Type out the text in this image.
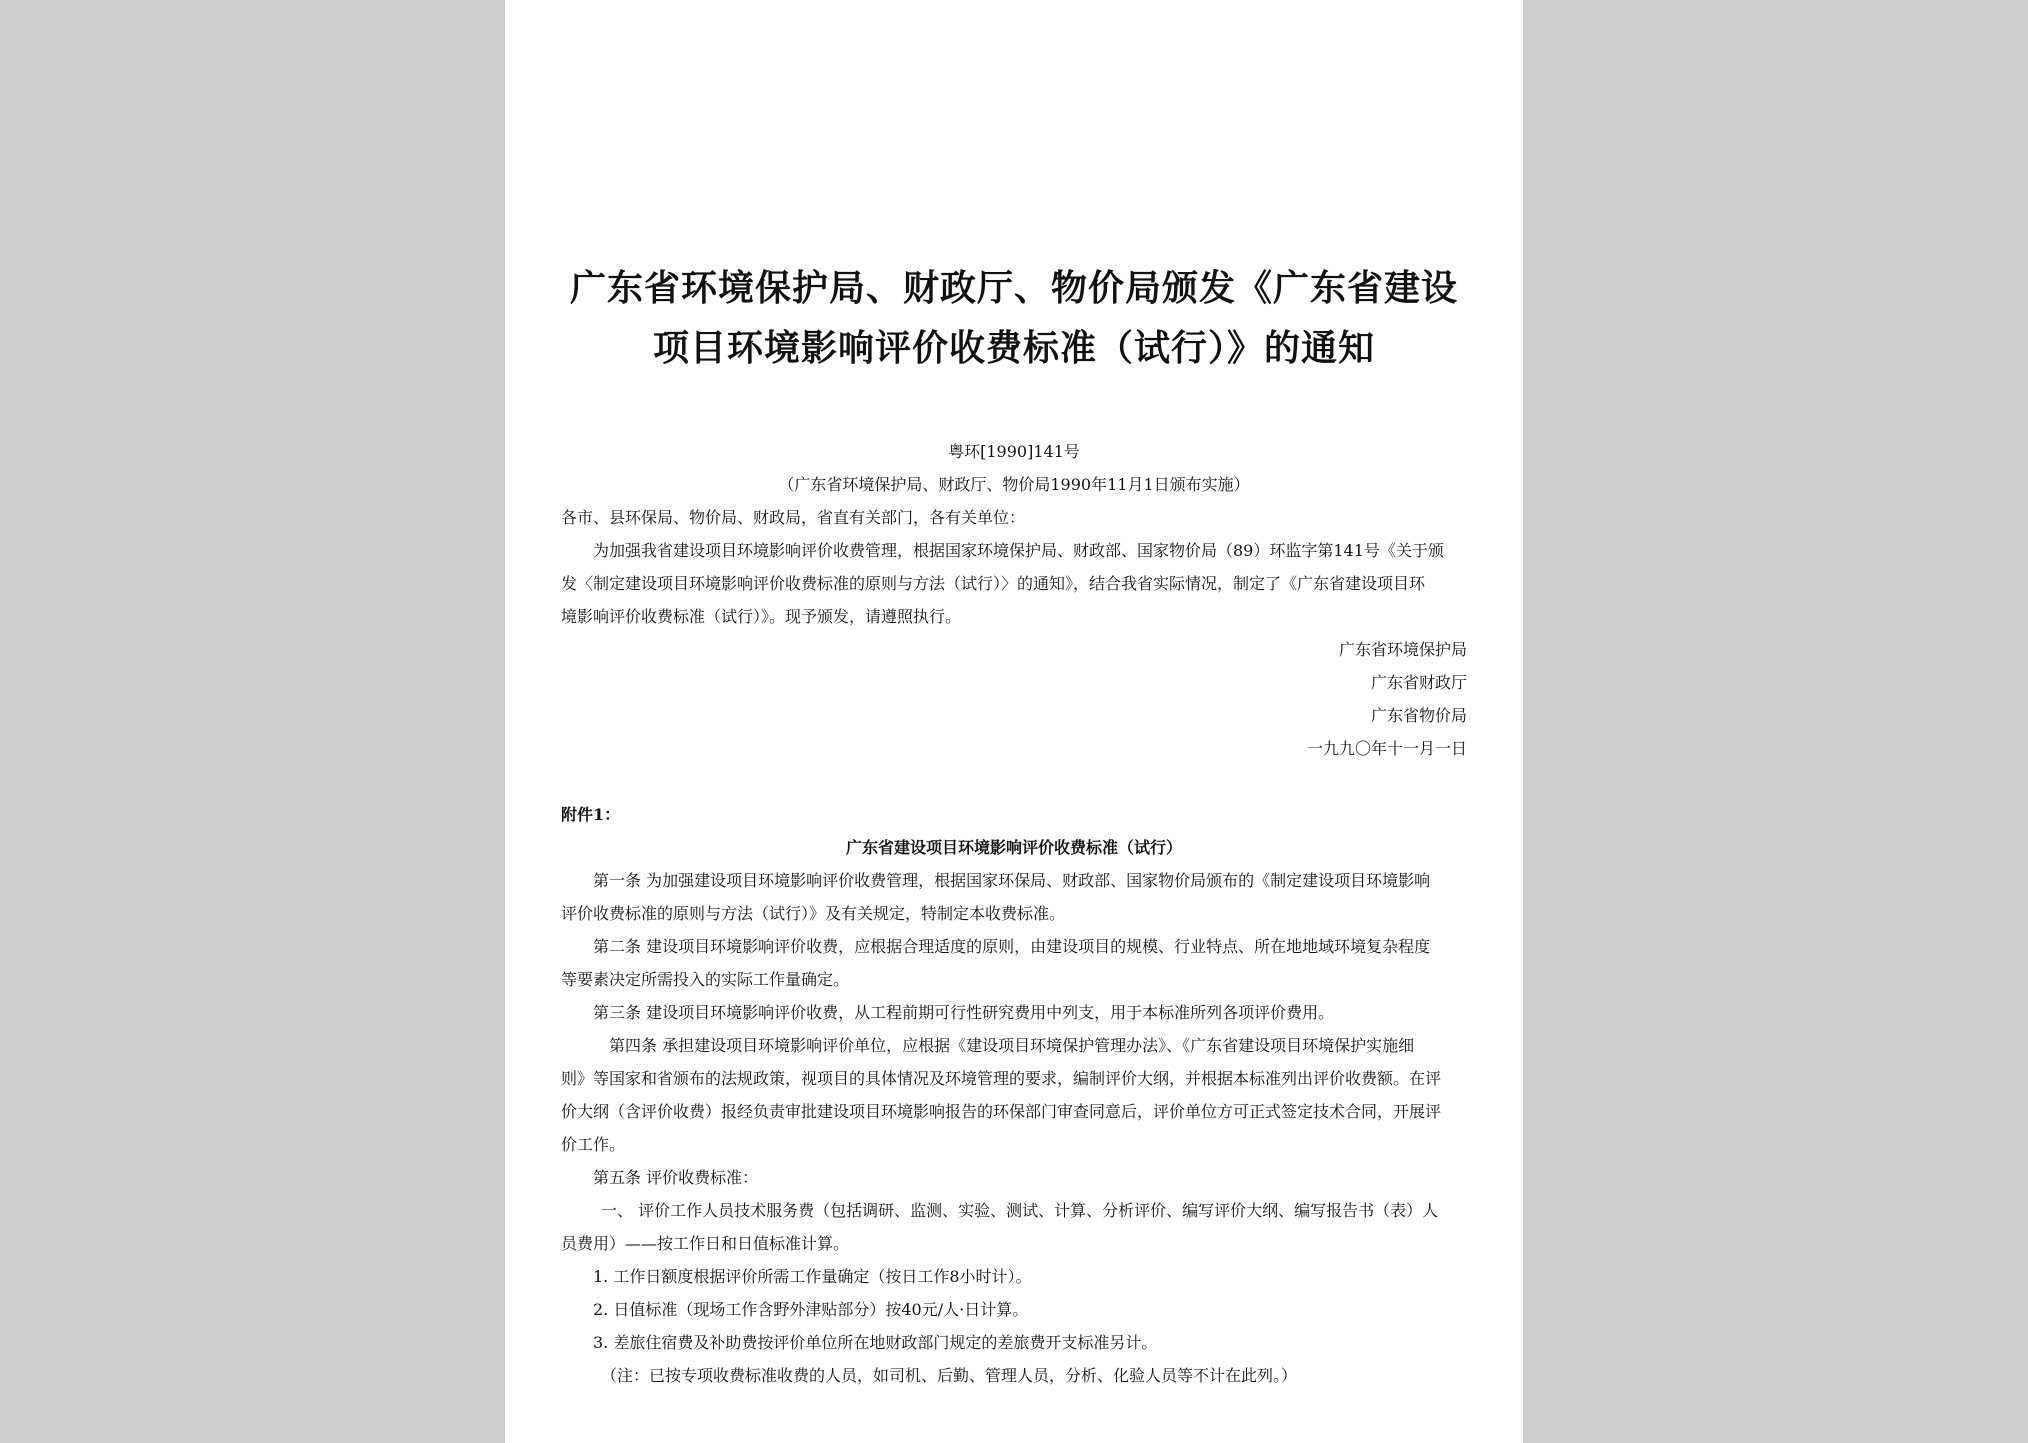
广东省环境保护局、财政厅、物价局颁发《广东省建设
项目环境影响评价收费标准（试行）》的通知
粤环[1990]141号
（广东省环境保护局、财政厅、物价局1990年11月1日颁布实施）
各市、县环保局、物价局、财政局，省直有关部门，各有关单位：
为加强我省建设项目环境影响评价收费管理，根据国家环境保护局、财政部、国家物价局（89）环监字第141号《关于颁
发〈制定建设项目环境影响评价收费标准的原则与方法（试行）〉的通知》，结合我省实际情况，制定了《广东省建设项目环
境影响评价收费标准（试行）》。现予颁发，请遵照执行。
广东省环境保护局
广东省财政厅
广东省物价局
一九九〇年十一月一日
附件1：
广东省建设项目环境影响评价收费标准（试行）
第一条 为加强建设项目环境影响评价收费管理，根据国家环保局、财政部、国家物价局颁布的《制定建设项目环境影响
评价收费标准的原则与方法（试行）》及有关规定，特制定本收费标准。
第二条 建设项目环境影响评价收费，应根据合理适度的原则，由建设项目的规模、行业特点、所在地地域环境复杂程度
等要素决定所需投入的实际工作量确定。
第三条 建设项目环境影响评价收费，从工程前期可行性研究费用中列支，用于本标准所列各项评价费用。
第四条 承担建设项目环境影响评价单位，应根据《建设项目环境保护管理办法》、《广东省建设项目环境保护实施细
则》等国家和省颁布的法规政策，视项目的具体情况及环境管理的要求，编制评价大纲，并根据本标准列出评价收费额。在评
价大纲（含评价收费）报经负责审批建设项目环境影响报告的环保部门审查同意后，评价单位方可正式签定技术合同，开展评
价工作。
第五条 评价收费标准：
一、 评价工作人员技术服务费（包括调研、监测、实验、测试、计算、分析评价、编写评价大纲、编写报告书（表）人
员费用）——按工作日和日值标准计算。
1. 工作日额度根据评价所需工作量确定（按日工作8小时计）。
2. 日值标准（现场工作含野外津贴部分）按40元/人·日计算。
3. 差旅住宿费及补助费按评价单位所在地财政部门规定的差旅费开支标准另计。
（注：已按专项收费标准收费的人员，如司机、后勤、管理人员，分析、化验人员等不计在此列。）
